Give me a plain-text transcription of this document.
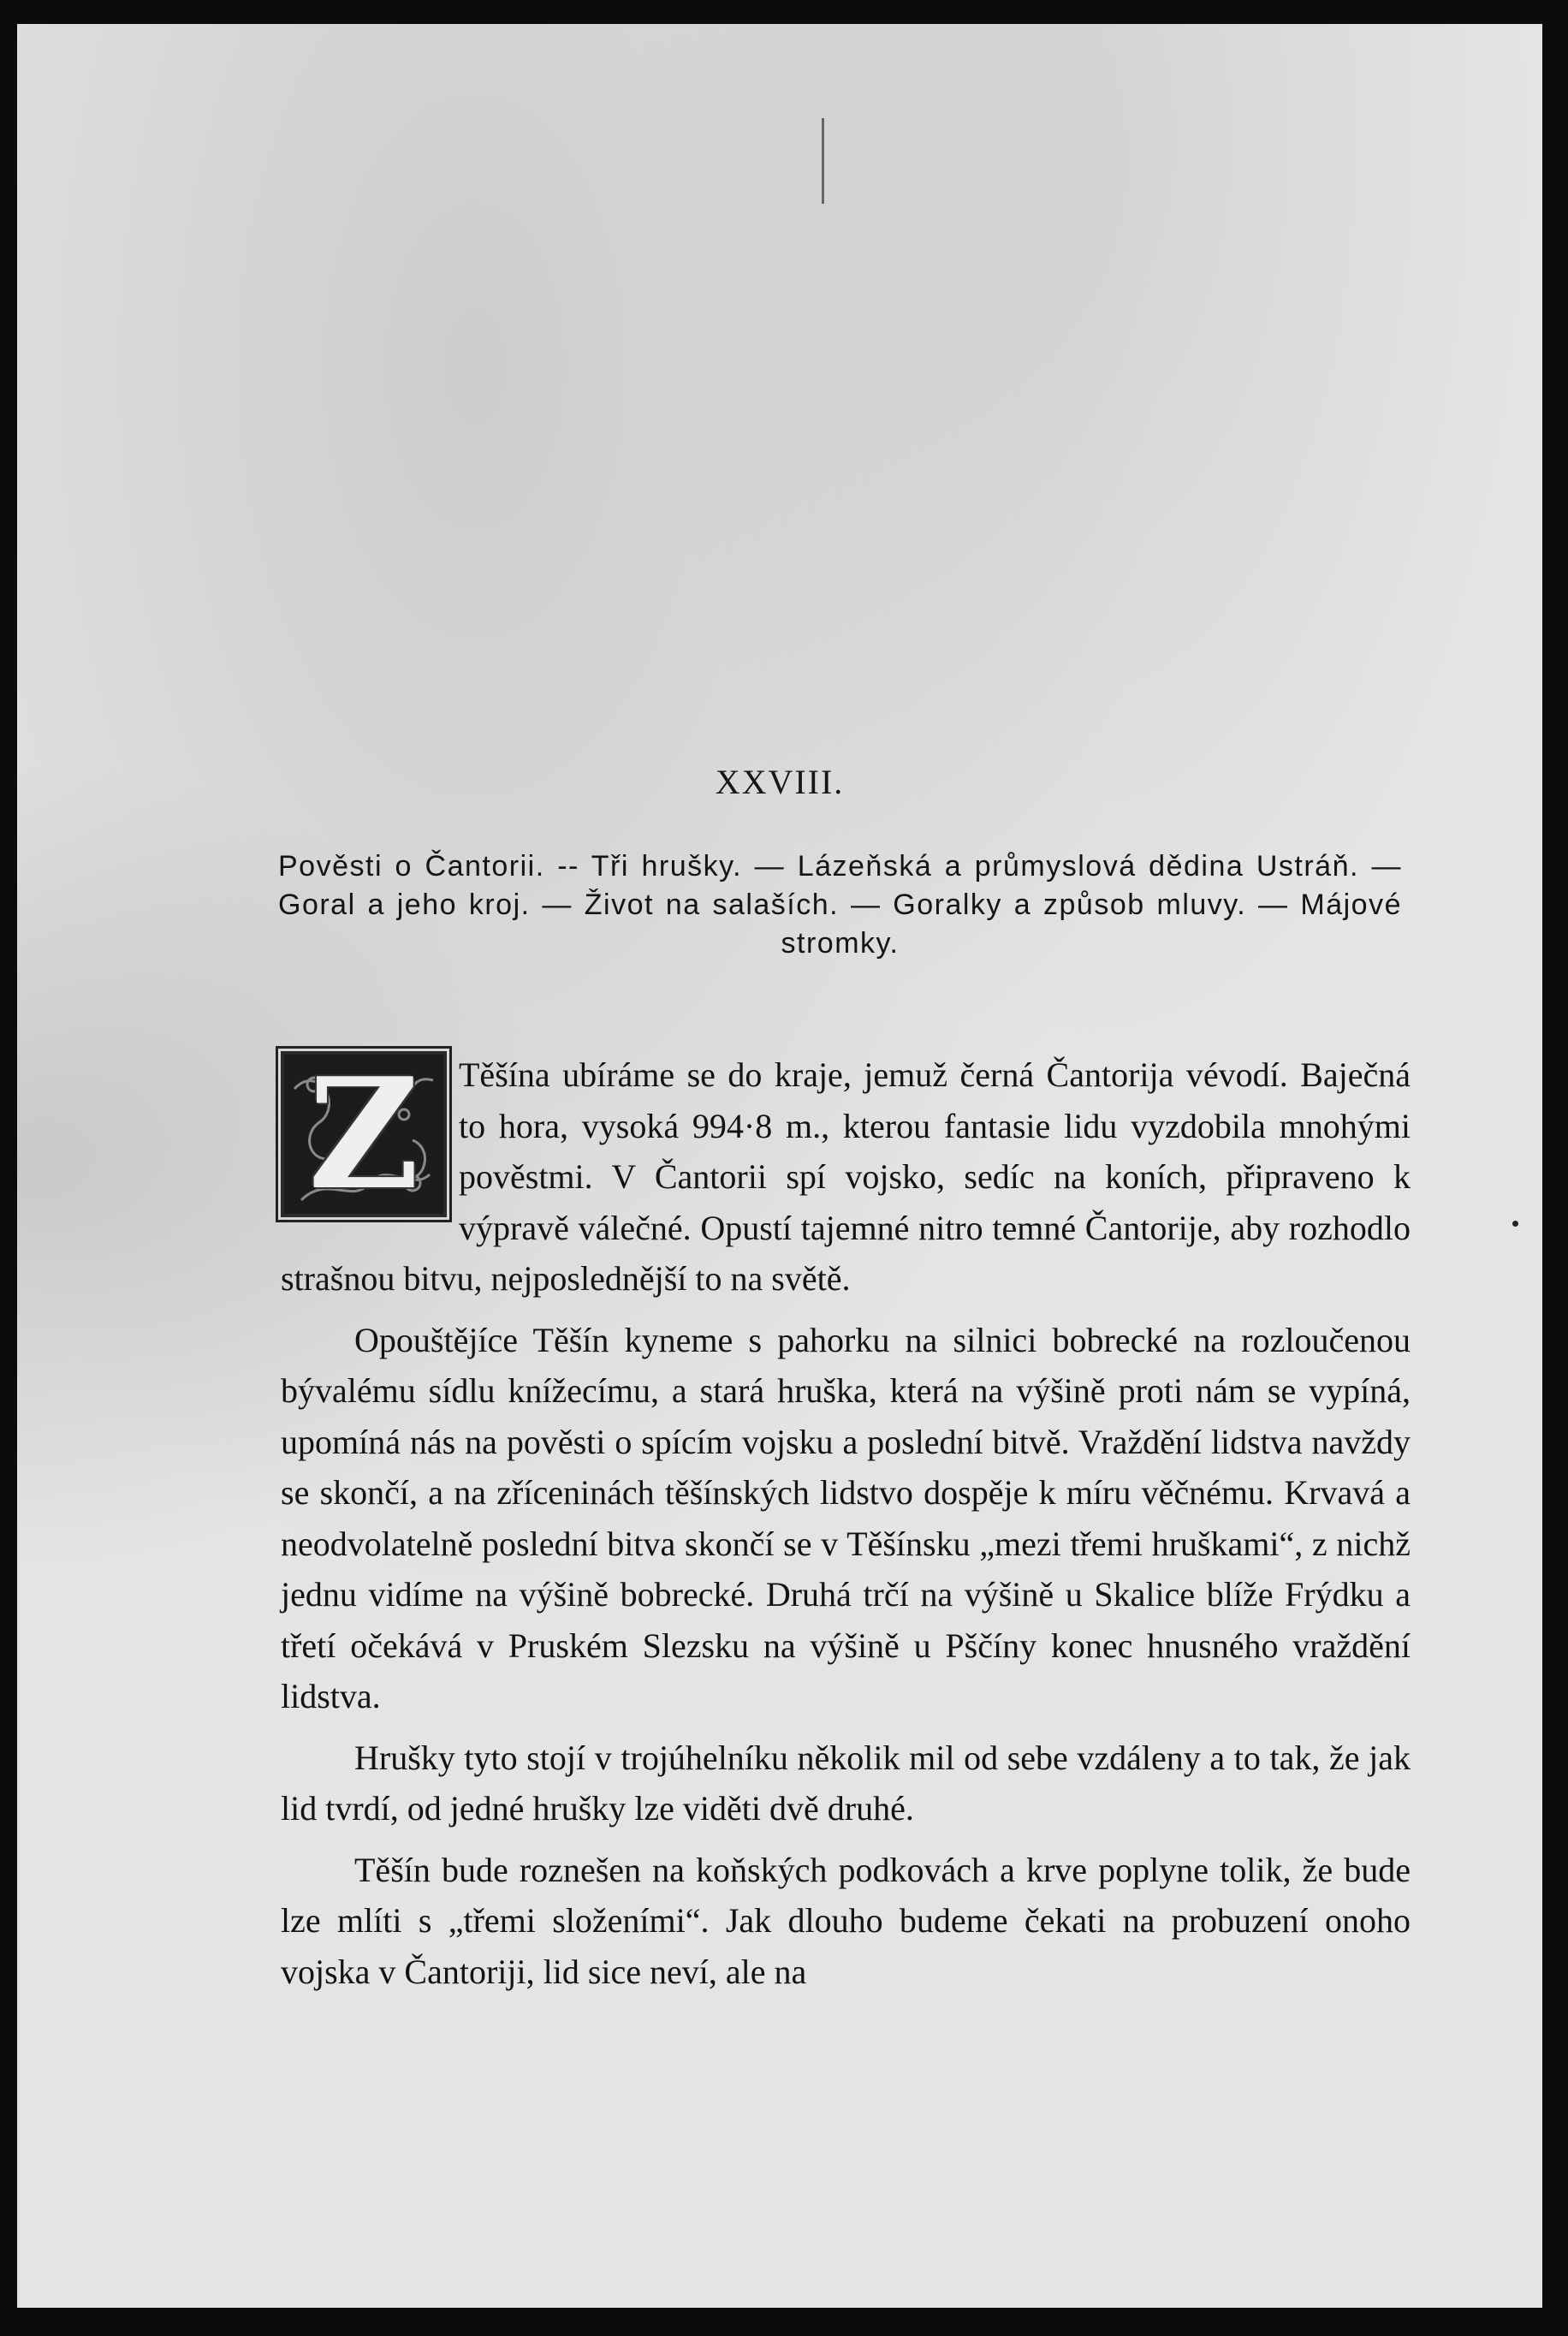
XXVIII.
Pověsti o Čantorii. -- Tři hrušky. — Lázeňská a průmyslová dědina Ustráň. — Goral a jeho kroj. — Život na salaších. — Goralky a způsob mluvy. — Májové stromky.

Z	Těšína ubíráme se do kraje, jemuž černá Čantorija vévodí. Baječná to hora, vysoká 994·8 m., kterou fantasie lidu vyzdobila mnohými pověstmi. V Čantorii spí vojsko, sedíc na koních, připraveno k výpravě válečné. Opustí tajemné nitro temné Čantorije, aby rozhodlo strašnou bitvu, nejposlednější to na světě.

Opouštějíce Těšín kyneme s pahorku na silnici bobrecké na rozloučenou bývalému sídlu knížecímu, a stará hruška, která na výšině proti nám se vypíná, upomíná nás na pověsti o spícím vojsku a poslední bitvě. Vraždění lidstva navždy se skončí, a na zříceninách těšínských lidstvo dospěje k míru věčnému. Krvavá a neodvolatelně poslední bitva skončí se v Těšínsku „mezi třemi hruškami“, z nichž jednu vidíme na výšině bobrecké. Druhá trčí na výšině u Skalice blíže Frýdku a třetí očekává v Pruském Slezsku na výšině u Pščíny konec hnusného vraždění lidstva.

Hrušky tyto stojí v trojúhelníku několik mil od sebe vzdáleny a to tak, že jak lid tvrdí, od jedné hrušky lze viděti dvě druhé.

Těšín bude roznešen na koňských podkovách a krve poplyne tolik, že bude lze mlíti s „třemi složeními“. Jak dlouho budeme čekati na probuzení onoho vojska v Čantoriji, lid sice neví, ale na
